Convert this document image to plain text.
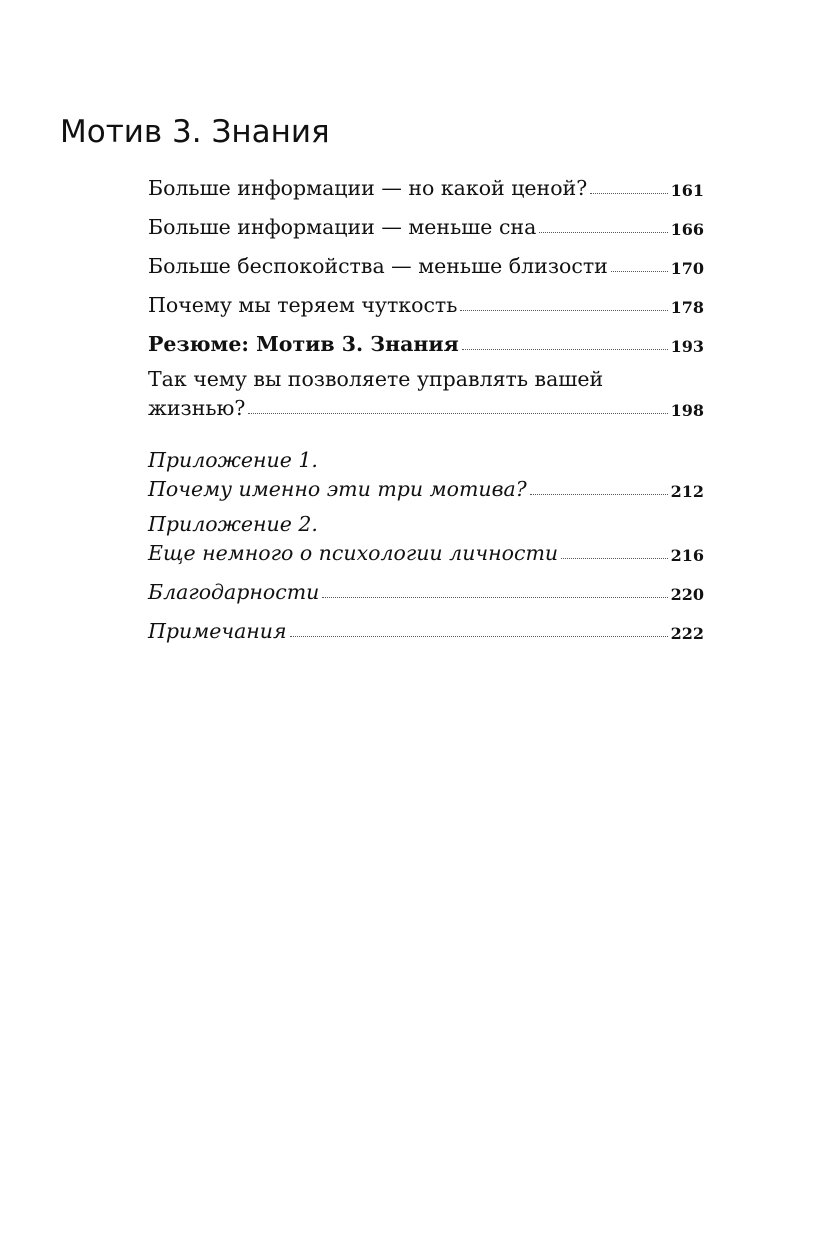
Мотив 3. Знания
Больше информации — но какой ценой?	161
Больше информации — меньше сна	166
Больше беспокойства — меньше близости	170
Почему мы теряем чуткость	178
Резюме: Мотив 3. Знания	193
Так чему вы позволяете управлять вашей
жизнью?	198
Приложение 1.
Почему именно эти три мотива?	212
Приложение 2.
Еще немного о психологии личности	216
Благодарности	220
Примечания	222
